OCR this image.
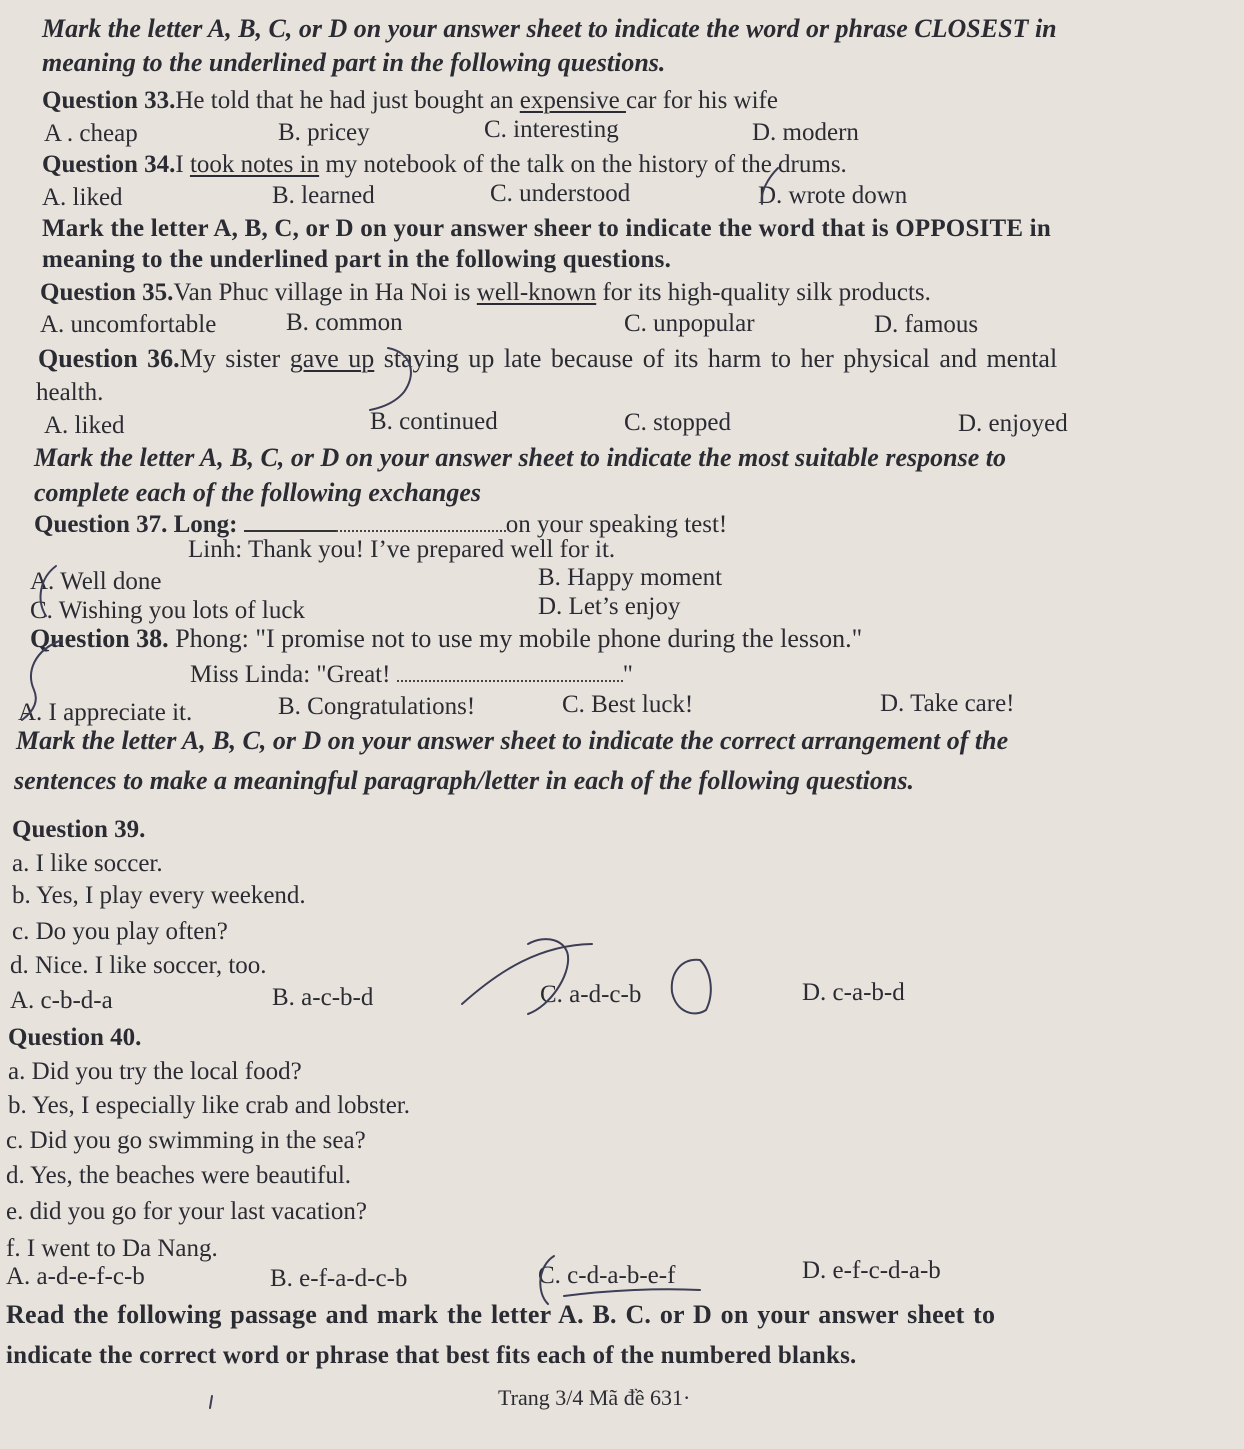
Mark the letter A, B, C, or D on your answer sheet to indicate the word or phrase CLOSEST in
meaning to the underlined part in the following questions.
Question 33.He told that he had just bought an expensive car for his wife
A . cheap	B. pricey	C. interesting	D. modern
Question 34.I took notes in my notebook of the talk on the history of the drums.
A. liked	B. learned	C. understood	D. wrote down
Mark the letter A, B, C, or D on your answer sheer to indicate the word that is OPPOSITE in
meaning to the underlined part in the following questions.
Question 35.Van Phuc village in Ha Noi is well-known for its high-quality silk products.
A. uncomfortable	B. common	C. unpopular	D. famous
Question 36.My sister gave up staying up late because of its harm to her physical and mental
health.
A. liked	B. continued	C. stopped	D. enjoyed
Mark the letter A, B, C, or D on your answer sheet to indicate the most suitable response to
complete each of the following exchanges
Question 37. Long:	on your speaking test!
Linh: Thank you! I’ve prepared well for it.
A. Well done	B. Happy moment
C. Wishing you lots of luck	D. Let’s enjoy
Question 38. Phong: "I promise not to use my mobile phone during the lesson."
Miss Linda: "Great!	"
A. I appreciate it.	B. Congratulations!	C. Best luck!	D. Take care!
Mark the letter A, B, C, or D on your answer sheet to indicate the correct arrangement of the
sentences to make a meaningful paragraph/letter in each of the following questions.
Question 39.
a. I like soccer.
b. Yes, I play every weekend.
c. Do you play often?
d. Nice. I like soccer, too.
A. c-b-d-a	B. a-c-b-d	C. a-d-c-b	D. c-a-b-d
Question 40.
a. Did you try the local food?
b. Yes, I especially like crab and lobster.
c. Did you go swimming in the sea?
d. Yes, the beaches were beautiful.
e. did you go for your last vacation?
f. I went to Da Nang.
A. a-d-e-f-c-b	B. e-f-a-d-c-b	C. c-d-a-b-e-f	D. e-f-c-d-a-b
Read the following passage and mark the letter A. B. C. or D on your answer sheet to
indicate the correct word or phrase that best fits each of the numbered blanks.
Trang 3/4 Mã đề 631·
